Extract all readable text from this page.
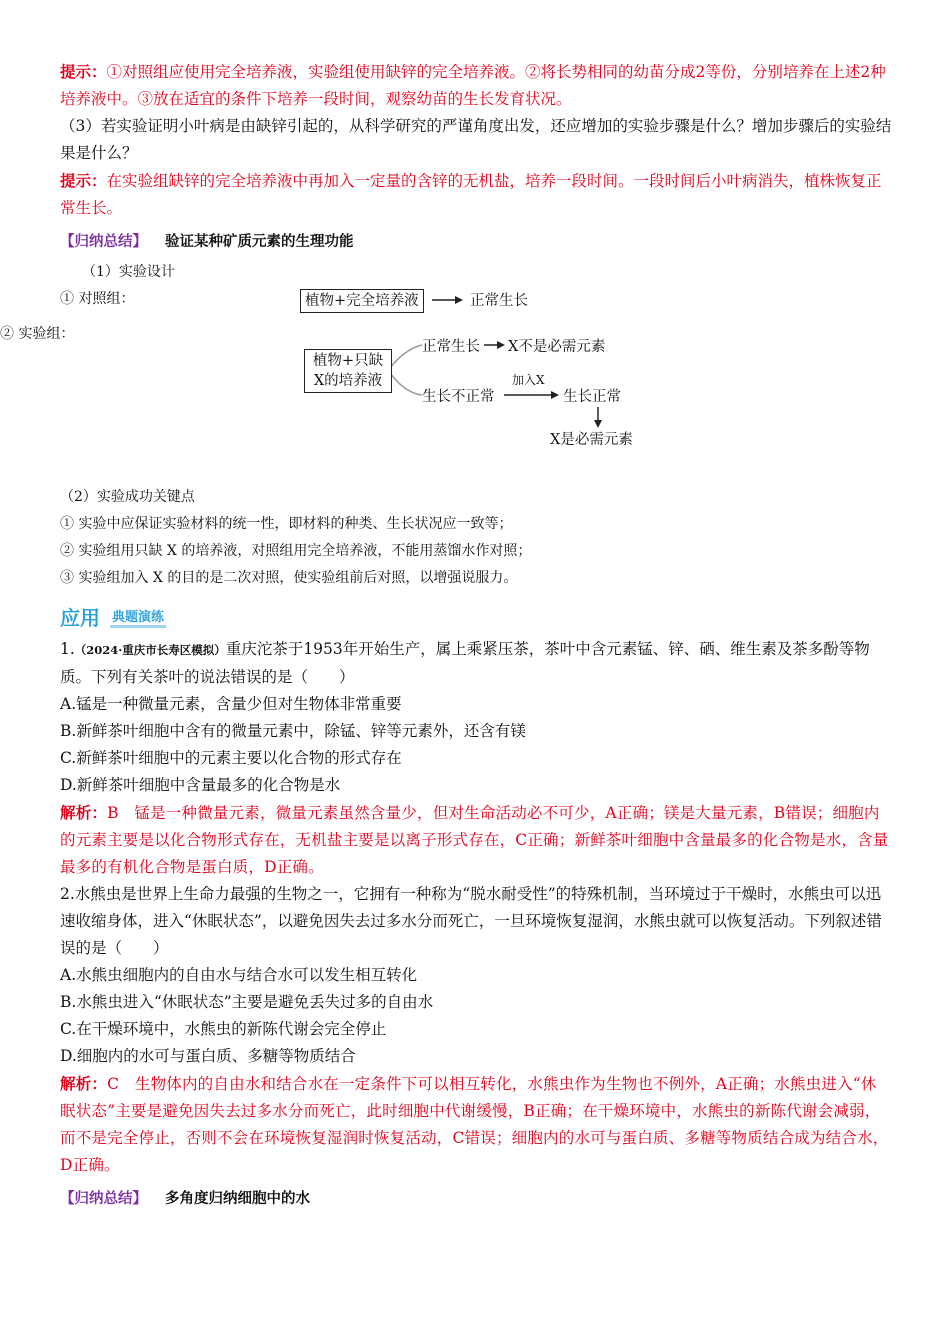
提示：①对照组应使用完全培养液，实验组使用缺锌的完全培养液。②将长势相同的幼苗分成2等份，分别培养在上述2种培养液中。③放在适宜的条件下培养一段时间，观察幼苗的生长发育状况。

（3）若实验证明小叶病是由缺锌引起的，从科学研究的严谨角度出发，还应增加的实验步骤是什么？增加步骤后的实验结果是什么？

提示：在实验组缺锌的完全培养液中再加入一定量的含锌的无机盐，培养一段时间。一段时间后小叶病消失，植株恢复正常生长。

【归纳总结】 验证某种矿质元素的生理功能

（1）实验设计

① 对照组：	植物+完全培养液	正常生长
② 实验组：
植物+只缺
X的培养液
正常生长 X不是必需元素
生长不正常
加入X
生长正常
X是必需元素

（2）实验成功关键点

① 实验中应保证实验材料的统一性，即材料的种类、生长状况应一致等；

② 实验组用只缺 X 的培养液，对照组用完全培养液，不能用蒸馏水作对照；

③ 实验组加入 X 的目的是二次对照，使实验组前后对照，以增强说服力。

应用 典题演练

1.（2024·重庆市长寿区模拟）重庆沱茶于1953年开始生产，属上乘紧压茶，茶叶中含元素锰、锌、硒、维生素及茶多酚等物质。下列有关茶叶的说法错误的是（　　）

A.锰是一种微量元素，含量少但对生物体非常重要

B.新鲜茶叶细胞中含有的微量元素中，除锰、锌等元素外，还含有镁

C.新鲜茶叶细胞中的元素主要以化合物的形式存在

D.新鲜茶叶细胞中含量最多的化合物是水

解析：B　锰是一种微量元素，微量元素虽然含量少，但对生命活动必不可少，A正确；镁是大量元素，B错误；细胞内的元素主要是以化合物形式存在，无机盐主要是以离子形式存在，C正确；新鲜茶叶细胞中含量最多的化合物是水，含量最多的有机化合物是蛋白质，D正确。

2.水熊虫是世界上生命力最强的生物之一，它拥有一种称为“脱水耐受性”的特殊机制，当环境过于干燥时，水熊虫可以迅速收缩身体，进入“休眠状态”，以避免因失去过多水分而死亡，一旦环境恢复湿润，水熊虫就可以恢复活动。下列叙述错误的是（　　）

A.水熊虫细胞内的自由水与结合水可以发生相互转化

B.水熊虫进入“休眠状态”主要是避免丢失过多的自由水

C.在干燥环境中，水熊虫的新陈代谢会完全停止

D.细胞内的水可与蛋白质、多糖等物质结合

解析：C　生物体内的自由水和结合水在一定条件下可以相互转化，水熊虫作为生物也不例外，A正确；水熊虫进入“休眠状态”主要是避免因失去过多水分而死亡，此时细胞中代谢缓慢，B正确；在干燥环境中，水熊虫的新陈代谢会减弱，而不是完全停止，否则不会在环境恢复湿润时恢复活动，C错误；细胞内的水可与蛋白质、多糖等物质结合成为结合水，D正确。

【归纳总结】 多角度归纳细胞中的水
